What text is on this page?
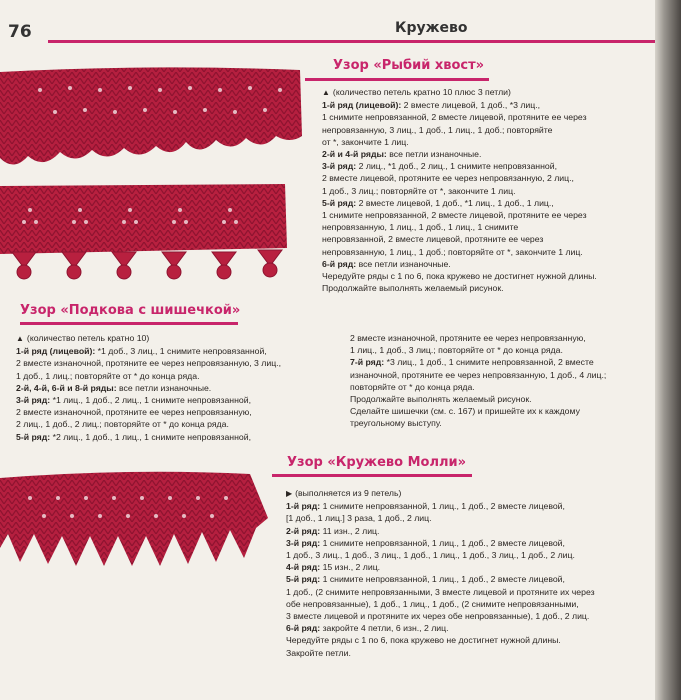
76	Кружево
Узор «Рыбий хвост»

▲ (количество петель кратно 10 плюс 3 петли)

1-й ряд (лицевой): 2 вместе лицевой, 1 доб., *3 лиц.,

1 снимите непровязанной, 2 вместе лицевой, протяните ее через

непровязанную, 3 лиц., 1 доб., 1 лиц., 1 доб.; повторяйте

от *, закончите 1 лиц.

2-й и 4-й ряды: все петли изнаночные.

3-й ряд: 2 лиц., *1 доб., 2 лиц., 1 снимите непровязанной,

2 вместе лицевой, протяните ее через непровязанную, 2 лиц.,

1 доб., 3 лиц.; повторяйте от *, закончите 1 лиц.

5-й ряд: 2 вместе лицевой, 1 доб., *1 лиц., 1 доб., 1 лиц.,

1 снимите непровязанной, 2 вместе лицевой, протяните ее через

непровязанную, 1 лиц., 1 доб., 1 лиц., 1 снимите

непровязанной, 2 вместе лицевой, протяните ее через

непровязанную, 1 лиц., 1 доб.; повторяйте от *, закончите 1 лиц.

6-й ряд: все петли изнаночные.

Чередуйте ряды с 1 по 6, пока кружево не достигнет нужной длины.

Продолжайте выполнять желаемый рисунок.

Узор «Подкова с шишечкой»

▲ (количество петель кратно 10)

1-й ряд (лицевой): *1 доб., 3 лиц., 1 снимите непровязанной,

2 вместе изнаночной, протяните ее через непровязанную, 3 лиц.,

1 доб., 1 лиц.; повторяйте от * до конца ряда.

2-й, 4-й, 6-й и 8-й ряды: все петли изнаночные.

3-й ряд: *1 лиц., 1 доб., 2 лиц., 1 снимите непровязанной,

2 вместе изнаночной, протяните ее через непровязанную,

2 лиц., 1 доб., 2 лиц.; повторяйте от * до конца ряда.

5-й ряд: *2 лиц., 1 доб., 1 лиц., 1 снимите непровязанной,

2 вместе изнаночной, протяните ее через непровязанную,

1 лиц., 1 доб., 3 лиц.; повторяйте от * до конца ряда.

7-й ряд: *3 лиц., 1 доб., 1 снимите непровязанной, 2 вместе

изнаночной, протяните ее через непровязанную, 1 доб., 4 лиц.;

повторяйте от * до конца ряда.

Продолжайте выполнять желаемый рисунок.

Сделайте шишечки (см. с. 167) и пришейте их к каждому

треугольному выступу.

Узор «Кружево Молли»

▶ (выполняется из 9 петель)

1-й ряд: 1 снимите непровязанной, 1 лиц., 1 доб., 2 вместе лицевой,

[1 доб., 1 лиц.] 3 раза, 1 доб., 2 лиц.

2-й ряд: 11 изн., 2 лиц.

3-й ряд: 1 снимите непровязанной, 1 лиц., 1 доб., 2 вместе лицевой,

1 доб., 3 лиц., 1 доб., 3 лиц., 1 доб., 1 лиц., 1 доб., 3 лиц., 1 доб., 2 лиц.

4-й ряд: 15 изн., 2 лиц.

5-й ряд: 1 снимите непровязанной, 1 лиц., 1 доб., 2 вместе лицевой,

1 доб., (2 снимите непровязанными, 3 вместе лицевой и протяните их через

обе непровязанные), 1 доб., 1 лиц., 1 доб., (2 снимите непровязанными,

3 вместе лицевой и протяните их через обе непровязанные), 1 доб., 2 лиц.

6-й ряд: закройте 4 петли, 6 изн., 2 лиц.

Чередуйте ряды с 1 по 6, пока кружево не достигнет нужной длины.

Закройте петли.
